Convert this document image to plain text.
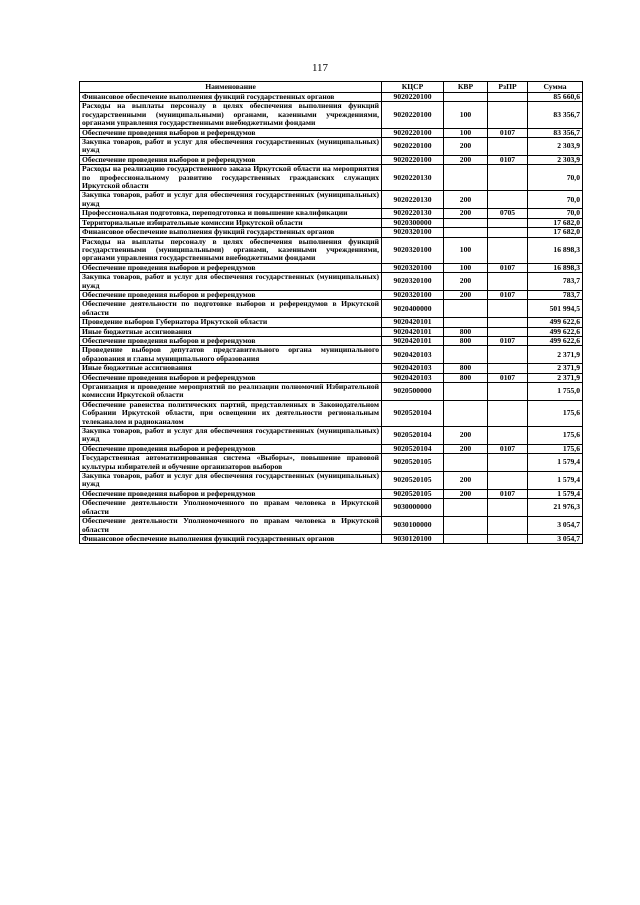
117
Наименование	КЦСР	КВР	РзПР	Сумма
Финансовое обеспечение выполнения функций государственных органов	9020220100			85 660,6
Расходы на выплаты персоналу в целях обеспечения выполнения функций государственными (муниципальными) органами, казенными учреждениями, органами управления государственными внебюджетными фондами	9020220100	100		83 356,7
Обеспечение проведения выборов и референдумов	9020220100	100	0107	83 356,7
Закупка товаров, работ и услуг для обеспечения государственных (муниципальных) нужд	9020220100	200		2 303,9
Обеспечение проведения выборов и референдумов	9020220100	200	0107	2 303,9
Расходы на реализацию государственного заказа Иркутской области на мероприятия по профессиональному развитию государственных гражданских служащих Иркутской области	9020220130			70,0
Закупка товаров, работ и услуг для обеспечения государственных (муниципальных) нужд	9020220130	200		70,0
Профессиональная подготовка, переподготовка и повышение квалификации	9020220130	200	0705	70,0
Территориальные избирательные комиссии Иркутской области	9020300000			17 682,0
Финансовое обеспечение выполнения функций государственных органов	9020320100			17 682,0
Расходы на выплаты персоналу в целях обеспечения выполнения функций государственными (муниципальными) органами, казенными учреждениями, органами управления государственными внебюджетными фондами	9020320100	100		16 898,3
Обеспечение проведения выборов и референдумов	9020320100	100	0107	16 898,3
Закупка товаров, работ и услуг для обеспечения государственных (муниципальных) нужд	9020320100	200		783,7
Обеспечение проведения выборов и референдумов	9020320100	200	0107	783,7
Обеспечение деятельности по подготовке выборов и референдумов в Иркутской области	9020400000			501 994,5
Проведение выборов Губернатора Иркутской области	9020420101			499 622,6
Иные бюджетные ассигнования	9020420101	800		499 622,6
Обеспечение проведения выборов и референдумов	9020420101	800	0107	499 622,6
Проведение выборов депутатов представительного органа муниципального образования и главы муниципального образования	9020420103			2 371,9
Иные бюджетные ассигнования	9020420103	800		2 371,9
Обеспечение проведения выборов и референдумов	9020420103	800	0107	2 371,9
Организация и проведение мероприятий по реализации полномочий Избирательной комиссии Иркутской области	9020500000			1 755,0
Обеспечение равенства политических партий, представленных в Законодательном Собрании Иркутской области, при освещении их деятельности региональным телеканалом и радиоканалом	9020520104			175,6
Закупка товаров, работ и услуг для обеспечения государственных (муниципальных) нужд	9020520104	200		175,6
Обеспечение проведения выборов и референдумов	9020520104	200	0107	175,6
Государственная автоматизированная система «Выборы», повышение правовой культуры избирателей и обучение организаторов выборов	9020520105			1 579,4
Закупка товаров, работ и услуг для обеспечения государственных (муниципальных) нужд	9020520105	200		1 579,4
Обеспечение проведения выборов и референдумов	9020520105	200	0107	1 579,4
Обеспечение деятельности Уполномоченного по правам человека в Иркутской области	9030000000			21 976,3
Обеспечение деятельности Уполномоченного по правам человека в Иркутской области	9030100000			3 054,7
Финансовое обеспечение выполнения функций государственных органов	9030120100			3 054,7
